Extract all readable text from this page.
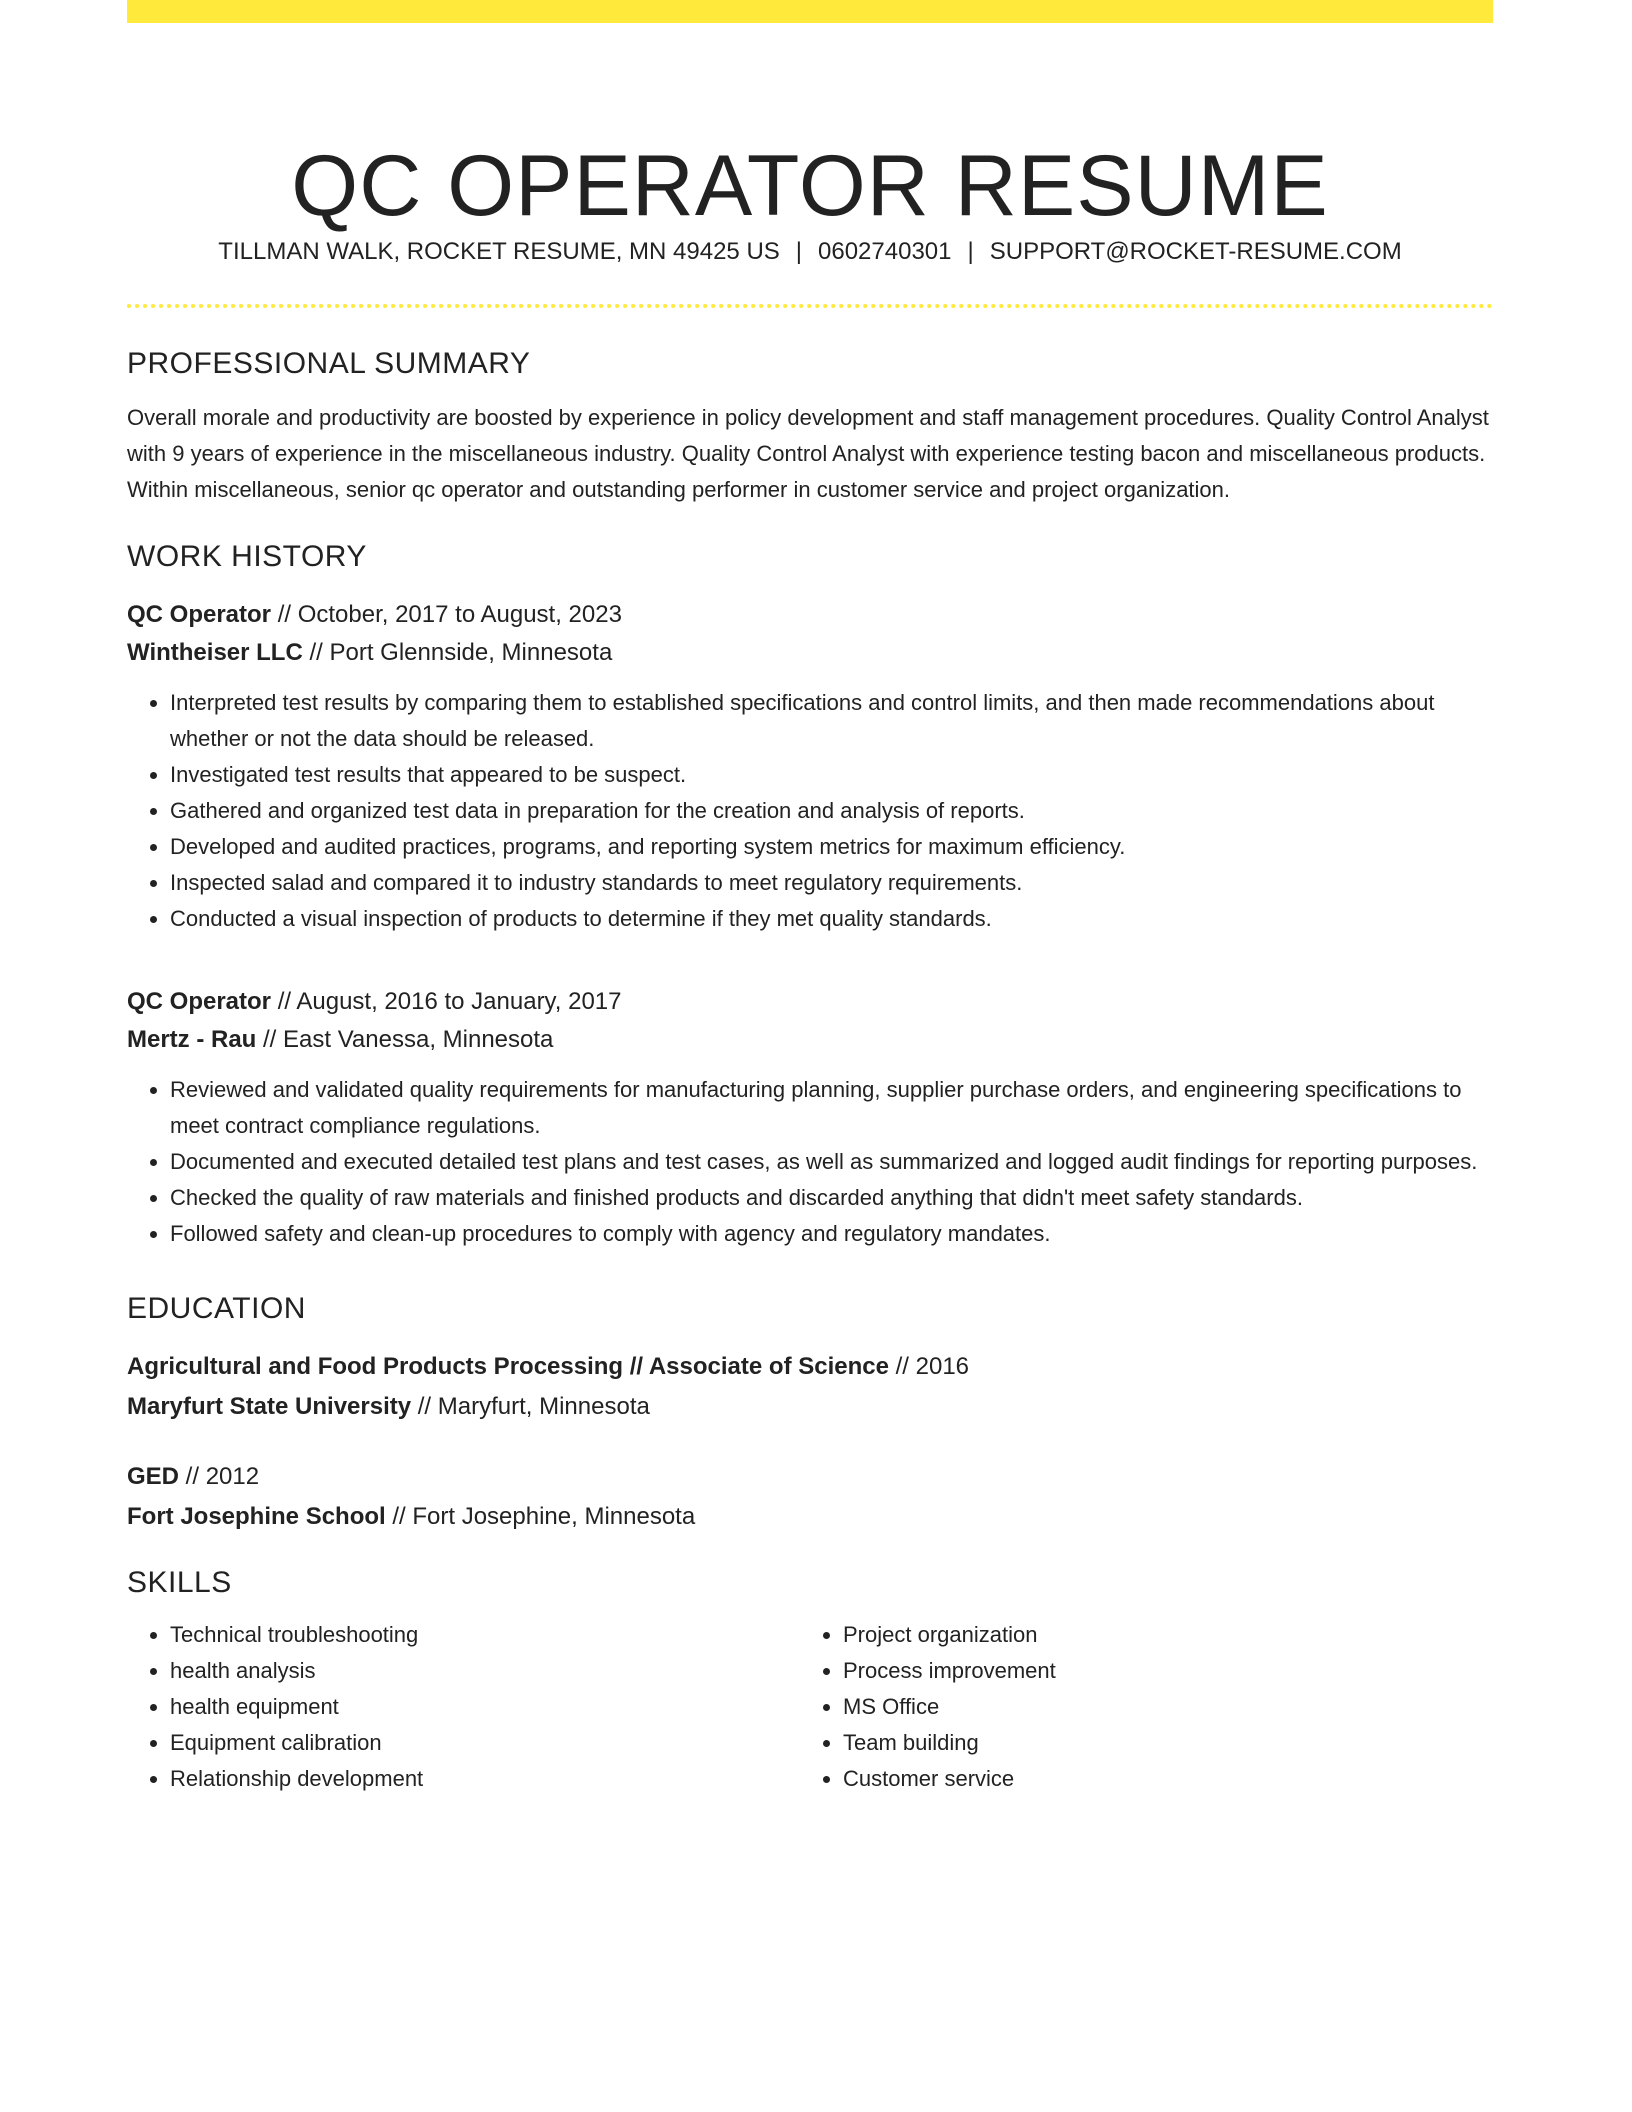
QC OPERATOR RESUME
TILLMAN WALK, ROCKET RESUME, MN 49425 US | 0602740301 | SUPPORT@ROCKET-RESUME.COM
PROFESSIONAL SUMMARY

Overall morale and productivity are boosted by experience in policy development and staff management procedures. Quality Control Analyst with 9 years of experience in the miscellaneous industry. Quality Control Analyst with experience testing bacon and miscellaneous products. Within miscellaneous, senior qc operator and outstanding performer in customer service and project organization.

WORK HISTORY
QC Operator // October, 2017 to August, 2023
Wintheiser LLC // Port Glennside, Minnesota
• Interpreted test results by comparing them to established specifications and control limits, and then made recommendations about whether or not the data should be released.
• Investigated test results that appeared to be suspect.
• Gathered and organized test data in preparation for the creation and analysis of reports.
• Developed and audited practices, programs, and reporting system metrics for maximum efficiency.
• Inspected salad and compared it to industry standards to meet regulatory requirements.
• Conducted a visual inspection of products to determine if they met quality standards.
QC Operator // August, 2016 to January, 2017
Mertz - Rau // East Vanessa, Minnesota
• Reviewed and validated quality requirements for manufacturing planning, supplier purchase orders, and engineering specifications to meet contract compliance regulations.
• Documented and executed detailed test plans and test cases, as well as summarized and logged audit findings for reporting purposes.
• Checked the quality of raw materials and finished products and discarded anything that didn't meet safety standards.
• Followed safety and clean-up procedures to comply with agency and regulatory mandates.
EDUCATION
Agricultural and Food Products Processing // Associate of Science // 2016
Maryfurt State University // Maryfurt, Minnesota
GED // 2012
Fort Josephine School // Fort Josephine, Minnesota
SKILLS
• Technical troubleshooting
• health analysis
• health equipment
• Equipment calibration
• Relationship development
• Project organization
• Process improvement
• MS Office
• Team building
• Customer service
